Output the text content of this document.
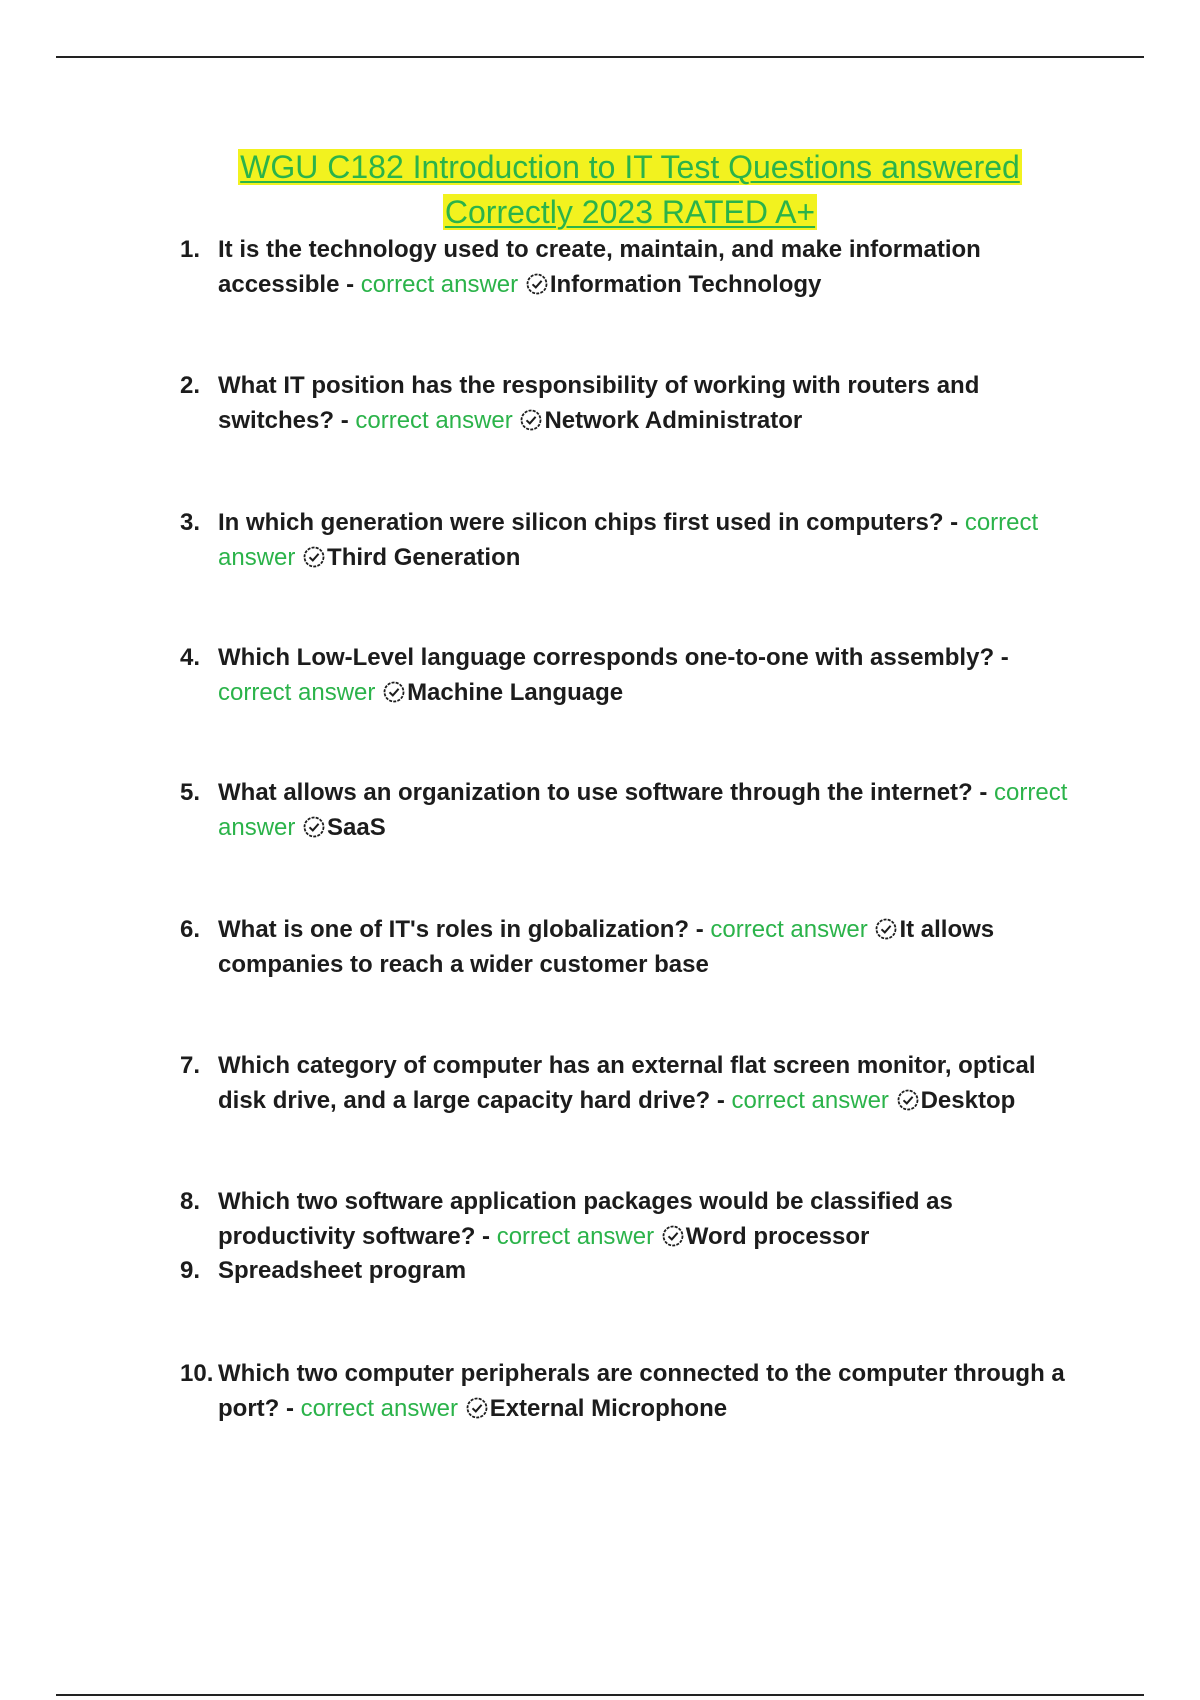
WGU C182 Introduction to IT Test Questions answered
Correctly 2023 RATED A+
1. It is the technology used to create, maintain, and make information accessible - correct answer Information Technology
2. What IT position has the responsibility of working with routers and switches? - correct answer Network Administrator
3. In which generation were silicon chips first used in computers? - correct answer Third Generation
4. Which Low-Level language corresponds one-to-one with assembly? - correct answer Machine Language
5. What allows an organization to use software through the internet? - correct answer SaaS
6. What is one of IT's roles in globalization? - correct answer It allows companies to reach a wider customer base
7. Which category of computer has an external flat screen monitor, optical disk drive, and a large capacity hard drive? - correct answer Desktop
8. Which two software application packages would be classified as productivity software? - correct answer Word processor
9. Spreadsheet program
10. Which two computer peripherals are connected to the computer through a port? - correct answer External Microphone
